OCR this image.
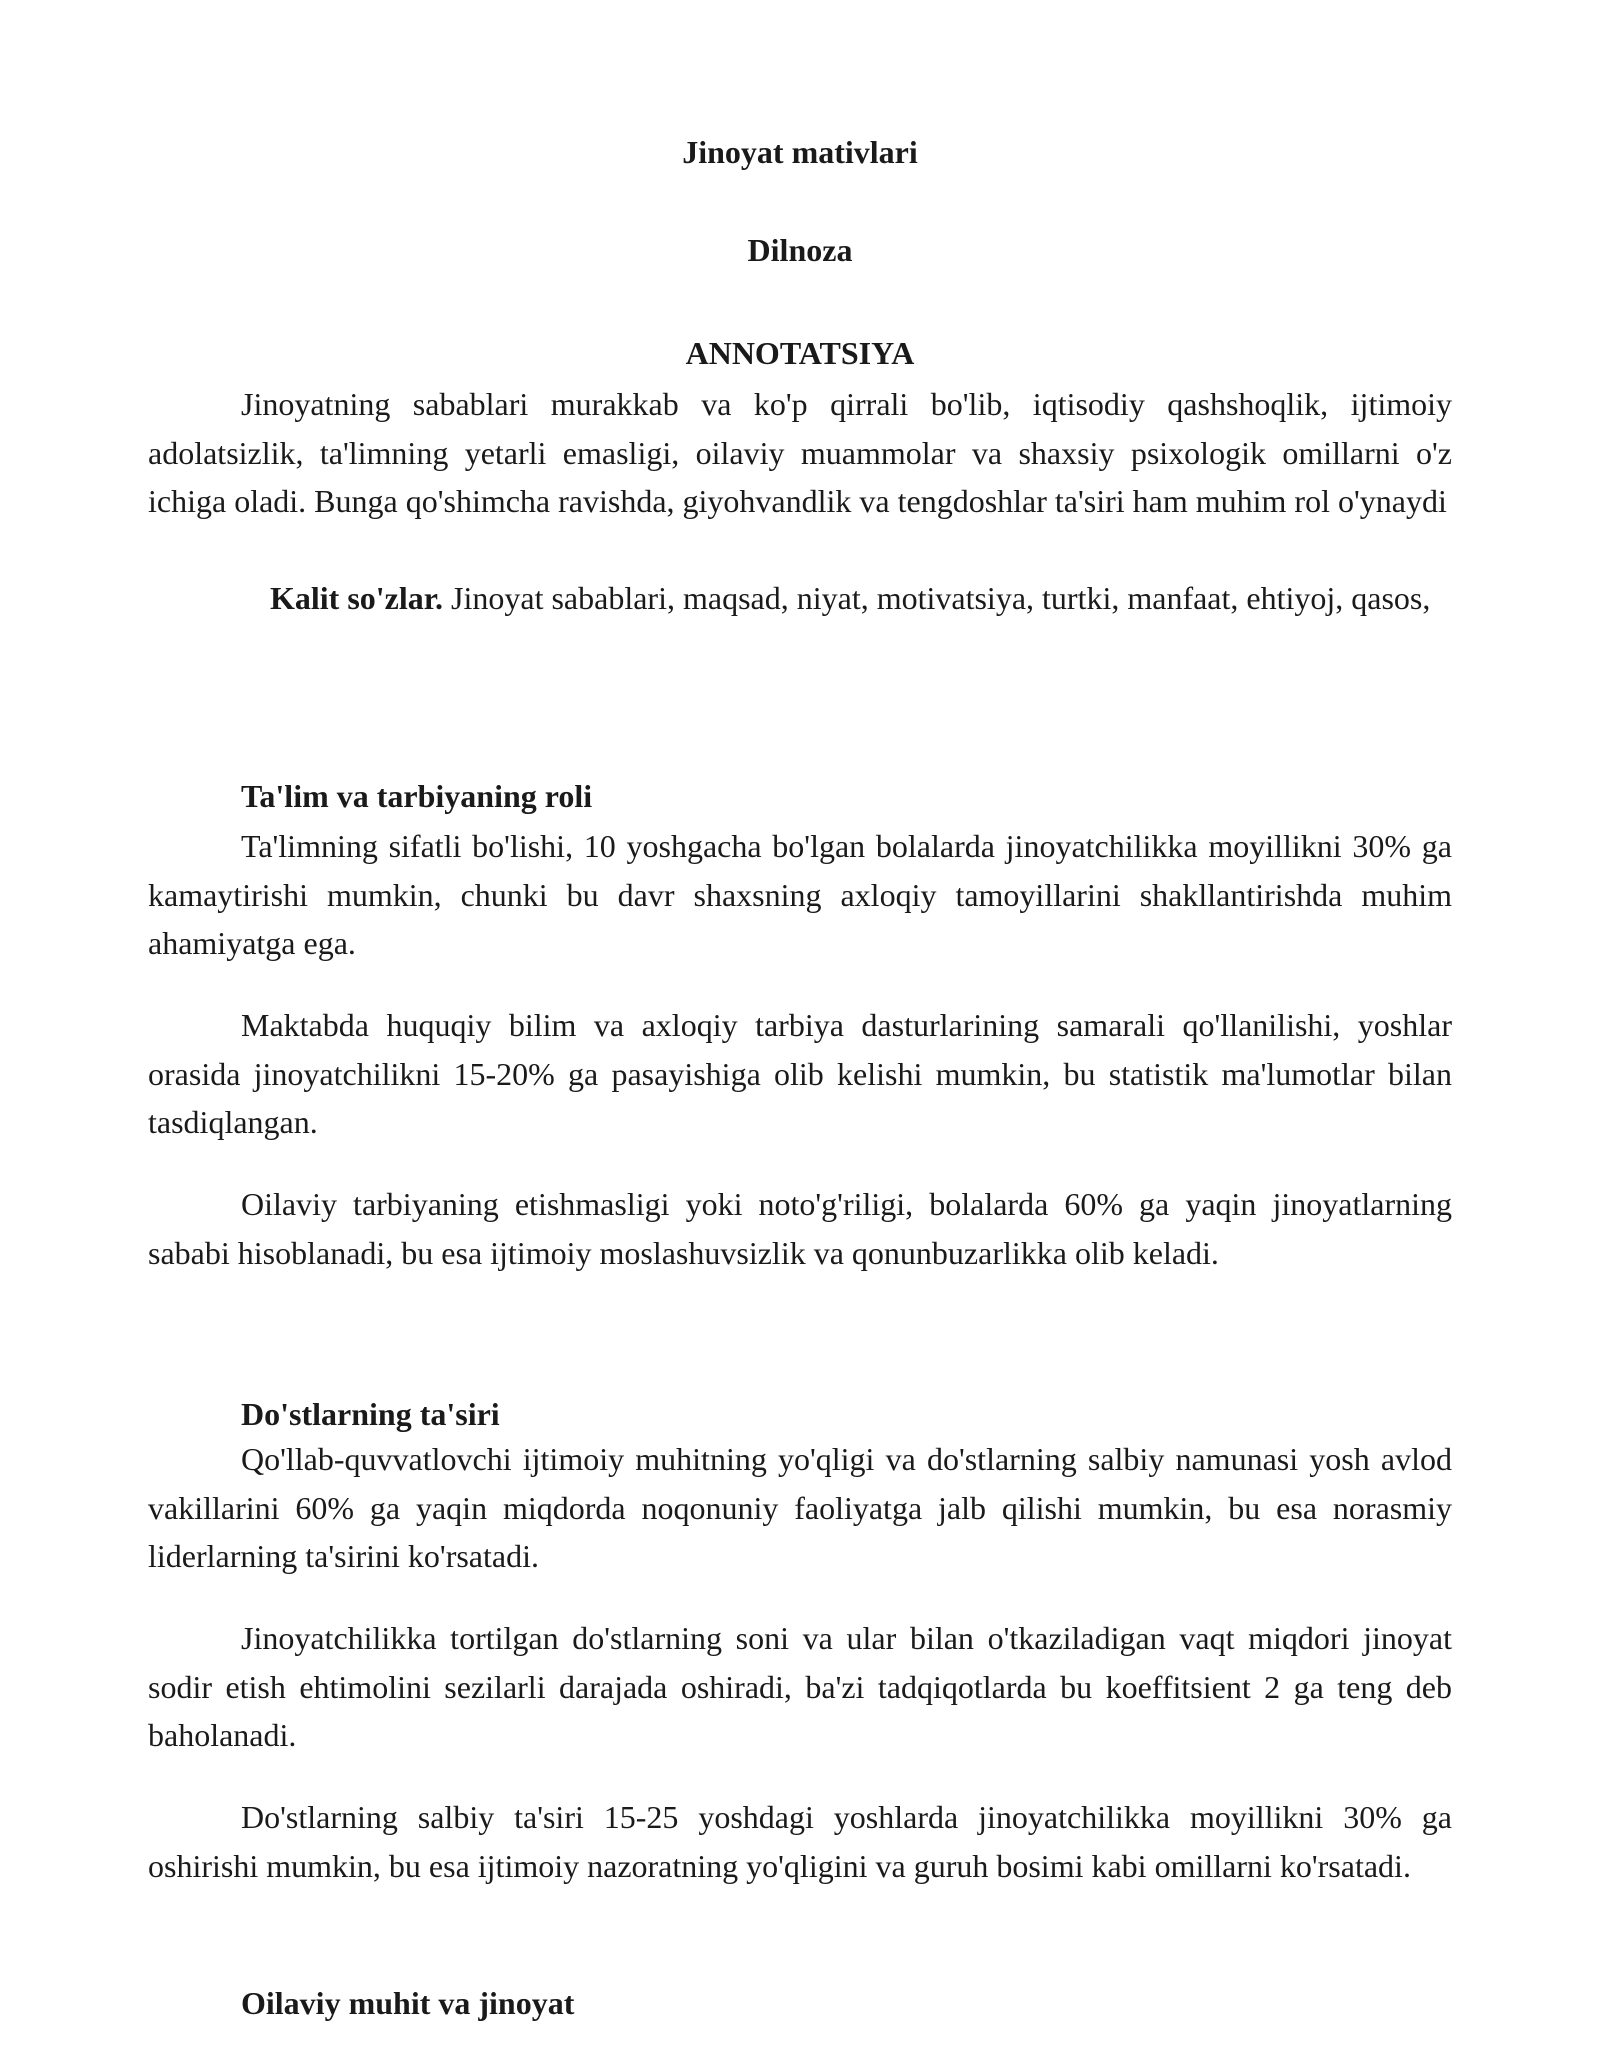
Jinoyat mativlari
Dilnoza
ANNOTATSIYA

Jinoyatning sabablari murakkab va ko'p qirrali bo'lib, iqtisodiy qashshoqlik, ijtimoiy adolatsizlik, ta'limning yetarli emasligi, oilaviy muammolar va shaxsiy psixologik omillarni o'z ichiga oladi. Bunga qo'shimcha ravishda, giyohvandlik va tengdoshlar ta'siri ham muhim rol o'ynaydi

Kalit so'zlar. Jinoyat sabablari, maqsad, niyat, motivatsiya, turtki, manfaat, ehtiyoj, qasos,

Ta'lim va tarbiyaning roli

Ta'limning sifatli bo'lishi, 10 yoshgacha bo'lgan bolalarda jinoyatchilikka moyillikni 30% ga kamaytirishi mumkin, chunki bu davr shaxsning axloqiy tamoyillarini shakllantirishda muhim ahamiyatga ega.

Maktabda huquqiy bilim va axloqiy tarbiya dasturlarining samarali qo'llanilishi, yoshlar orasida jinoyatchilikni 15-20% ga pasayishiga olib kelishi mumkin, bu statistik ma'lumotlar bilan tasdiqlangan.

Oilaviy tarbiyaning etishmasligi yoki noto'g'riligi, bolalarda 60% ga yaqin jinoyatlarning sababi hisoblanadi, bu esa ijtimoiy moslashuvsizlik va qonunbuzarlikka olib keladi.

Do'stlarning ta'siri

Qo'llab-quvvatlovchi ijtimoiy muhitning yo'qligi va do'stlarning salbiy namunasi yosh avlod vakillarini 60% ga yaqin miqdorda noqonuniy faoliyatga jalb qilishi mumkin, bu esa norasmiy liderlarning ta'sirini ko'rsatadi.

Jinoyatchilikka tortilgan do'stlarning soni va ular bilan o'tkaziladigan vaqt miqdori jinoyat sodir etish ehtimolini sezilarli darajada oshiradi, ba'zi tadqiqotlarda bu koeffitsient 2 ga teng deb baholanadi.

Do'stlarning salbiy ta'siri 15-25 yoshdagi yoshlarda jinoyatchilikka moyillikni 30% ga oshirishi mumkin, bu esa ijtimoiy nazoratning yo'qligini va guruh bosimi kabi omillarni ko'rsatadi.

Oilaviy muhit va jinoyat
